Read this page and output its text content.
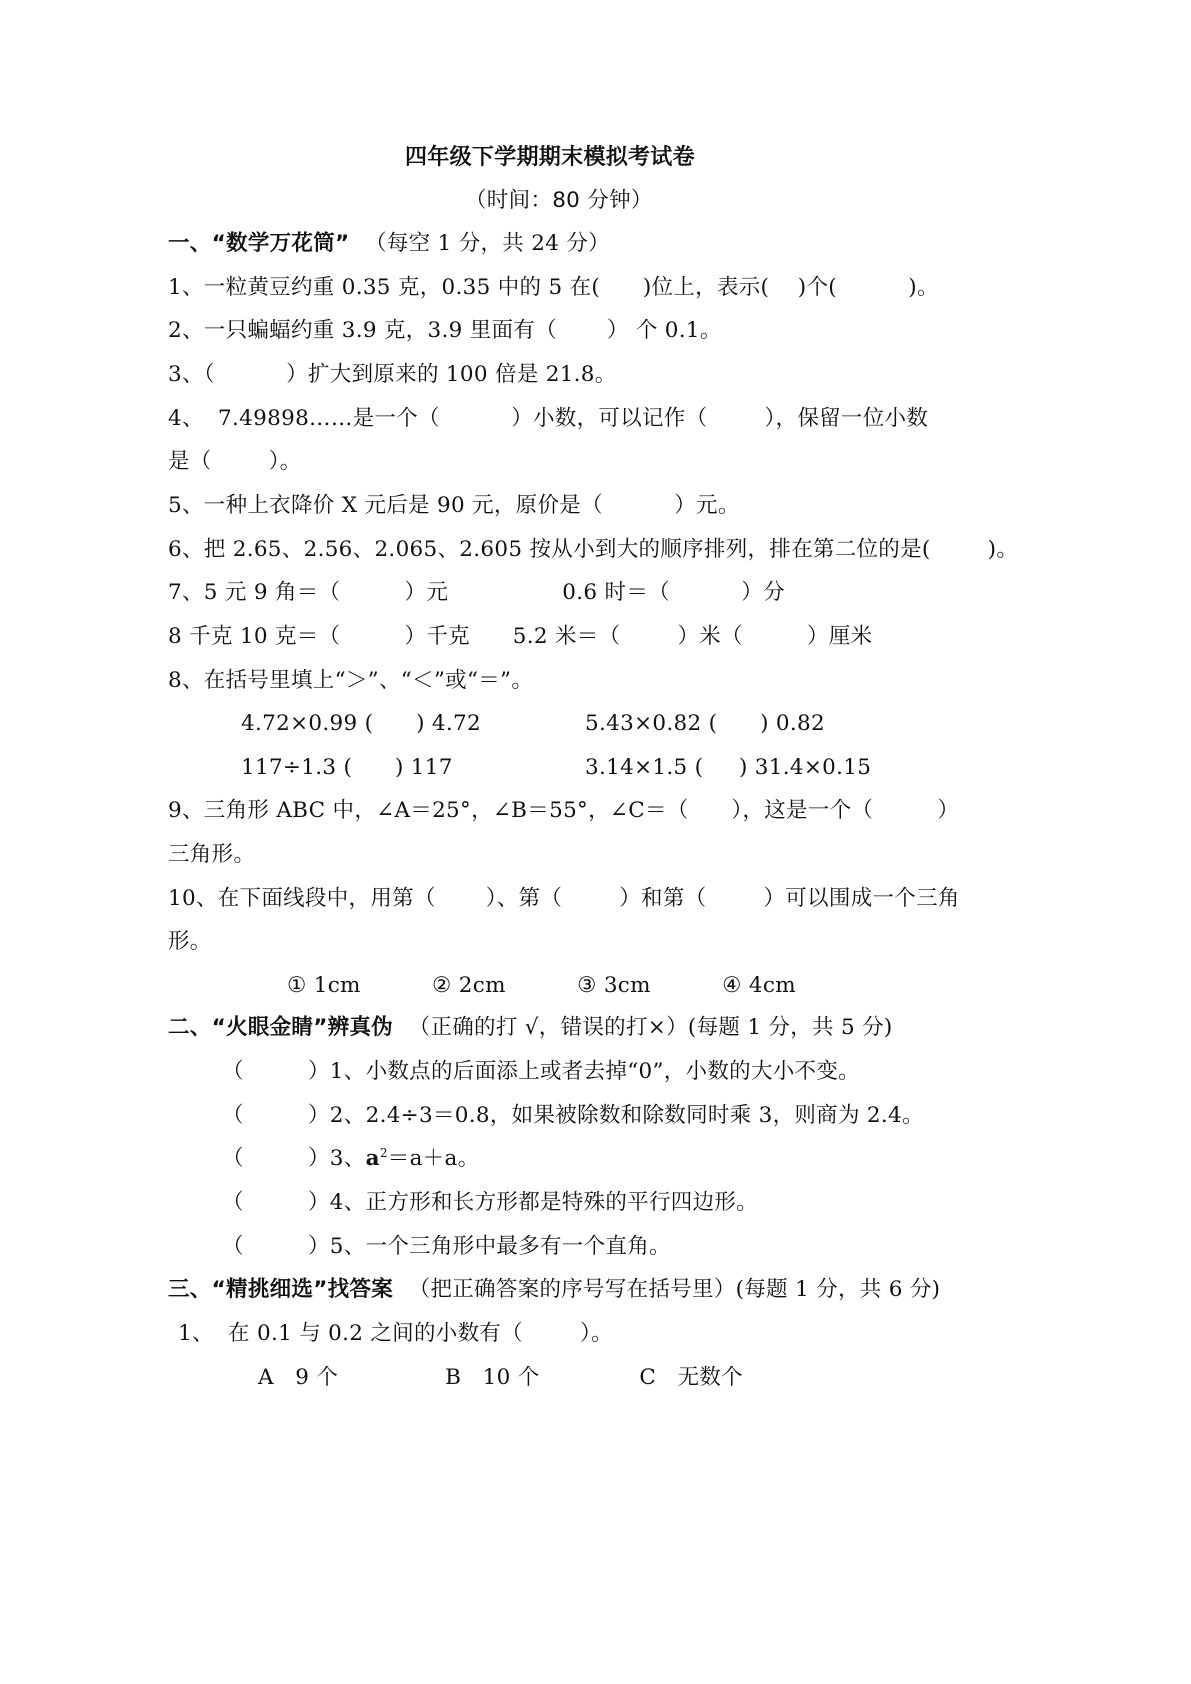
四年级下学期期末模拟考试卷
（时间：80 分钟）
一、“数学万花筒” （每空 1 分，共 24 分）
1、一粒黄豆约重 0.35 克，0.35 中的 5 在(      )位上，表示(    )个(          )。
2、一只蝙蝠约重 3.9 克，3.9 里面有（       ） 个 0.1。
3、（          ）扩大到原来的 100 倍是 21.8。
4、  7.49898……是一个（          ）小数，可以记作（        ），保留一位小数
是（        ）。
5、一种上衣降价 X 元后是 90 元，原价是（          ）元。
6、把 2.65、2.56、2.065、2.605 按从小到大的顺序排列，排在第二位的是(        )。
7、5 元 9 角＝（         ）元                0.6 时＝（          ）分
8 千克 10 克＝（         ）千克      5.2 米＝（        ）米（         ）厘米
8、在括号里填上“＞”、“＜”或“＝”。
4.72×0.99 (      ) 4.72	5.43×0.82 (      ) 0.82
117÷1.3 (      ) 117	3.14×1.5 (     ) 31.4×0.15
9、三角形 ABC 中，∠A＝25°，∠B＝55°，∠C＝（      ），这是一个（         ）
三角形。
10、在下面线段中，用第（       ）、第（        ）和第（        ）可以围成一个三角
形。
① 1cm          ② 2cm          ③ 3cm          ④ 4cm
二、“火眼金睛”辨真伪 （正确的打 √，错误的打×）(每题 1 分，共 5 分)
（         ）1、小数点的后面添上或者去掉“0”，小数的大小不变。
（         ）2、2.4÷3＝0.8，如果被除数和除数同时乘 3，则商为 2.4。
（         ）3、$a^2=a+a$。
（         ）4、正方形和长方形都是特殊的平行四边形。
（         ）5、一个三角形中最多有一个直角。
三、“精挑细选”找答案 （把正确答案的序号写在括号里）(每题 1 分，共 6 分)
1、  在 0.1 与 0.2 之间的小数有（        ）。
A   9 个               B   10 个              C   无数个
